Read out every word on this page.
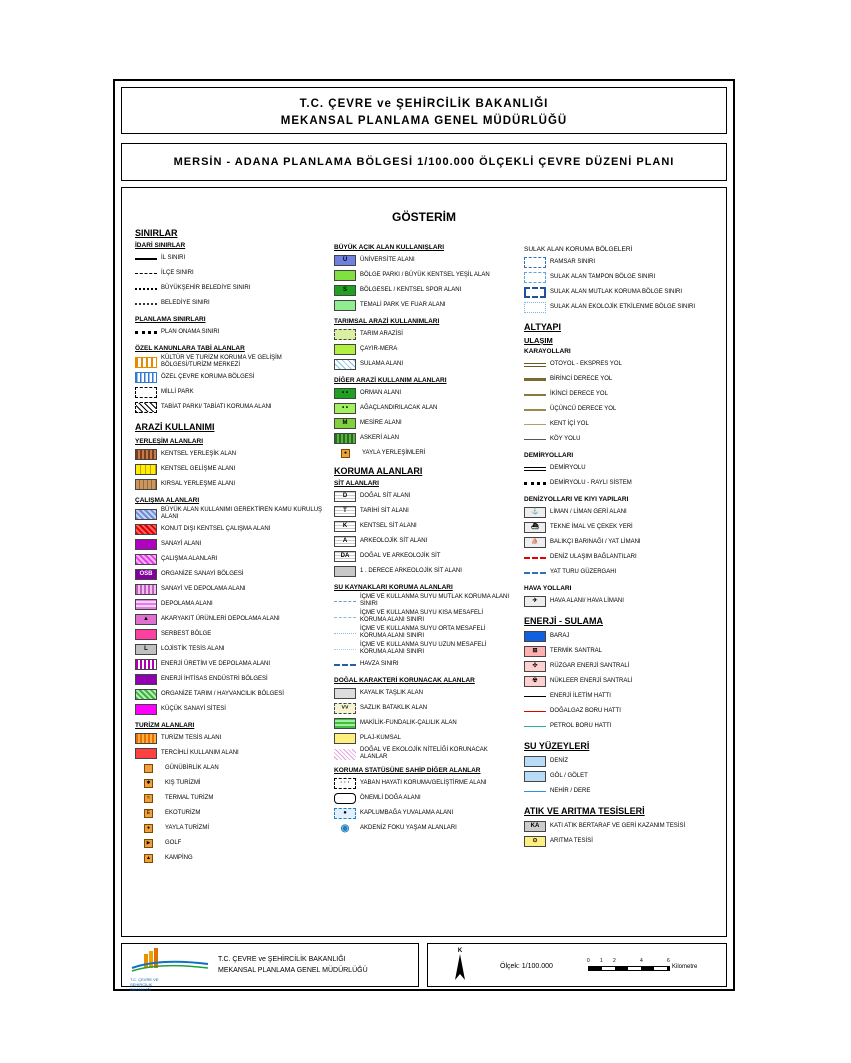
T.C. ÇEVRE ve ŞEHİRCİLİK BAKANLIĞI
MEKANSAL PLANLAMA GENEL MÜDÜRLÜĞÜ
MERSİN - ADANA PLANLAMA BÖLGESİ 1/100.000 ÖLÇEKLİ ÇEVRE DÜZENİ PLANI
GÖSTERİM
SINIRLAR
İDARİ SINIRLAR
İL SINIRI
İLÇE SINIRI
BÜYÜKŞEHİR BELEDİYE SINIRI
BELEDİYE SINIRI
PLANLAMA SINIRLARI
PLAN ONAMA SINIRI
ÖZEL KANUNLARA TABİ ALANLAR
KÜLTÜR VE TURİZM KORUMA VE GELİŞİM BÖLGESİ/TURİZM MERKEZİ
ÖZEL ÇEVRE KORUMA BÖLGESİ
MİLLİ PARK
TABİAT PARKI/ TABİATI KORUMA ALANI
ARAZİ KULLANIMI
YERLEŞİM ALANLARI
KENTSEL YERLEŞİK ALAN
KENTSEL GELİŞME ALANI
KIRSAL YERLEŞME ALANI
ÇALIŞMA ALANLARI
BÜYÜK ALAN KULLANIMI GEREKTİREN KAMU KURULUŞ ALANI
KONUT DIŞI KENTSEL ÇALIŞMA ALANI
SANAYİ ALANI
ÇALIŞMA ALANLARI
OSB	ORGANİZE SANAYİ BÖLGESİ
SANAYİ VE DEPOLAMA ALANI
DEPOLAMA ALANI
▲	AKARYAKIT ÜRÜNLERİ DEPOLAMA ALANI
SERBEST BÖLGE
L	LOJİSTİK TESİS ALANI
ENERJİ ÜRETİM VE DEPOLAMA ALANI
ENERJİ İHTİSAS ENDÜSTRİ BÖLGESİ
ORGANİZE TARIM / HAYVANCILIK BÖLGESİ
KÜÇÜK SANAYİ SİTESİ
TURİZM ALANLARI
TURİZM TESİS ALANI
TERCİHLİ KULLANIM ALANI
GÜNÜBİRLİK ALAN
✱	KIŞ TURİZMİ
≈	TERMAL TURİZM
E	EKOTURİZM
●	YAYLA TURİZMİ
▶	GOLF
▲	KAMPİNG
BÜYÜK AÇIK ALAN KULLANIŞLARI
Ü	ÜNİVERSİTE ALANI
BÖLGE PARKI / BÜYÜK KENTSEL YEŞİL ALAN
S	BÖLGESEL / KENTSEL SPOR ALANI
TEMALİ PARK VE FUAR ALANI
TARIMSAL ARAZİ KULLANIMLARI
TARIM ARAZİSİ
ÇAYIR-MERA
SULAMA ALANI
DİĞER ARAZİ KULLANIM ALANLARI
• •	ORMAN ALANI
• •	AĞAÇLANDIRILACAK ALAN
M	MESİRE ALANI
ASKERİ ALAN
●	YAYLA YERLEŞİMLERİ
KORUMA ALANLARI
SİT ALANLARI
D	DOĞAL SİT ALANI
T	TARİHİ SİT ALANI
K	KENTSEL SİT ALANI
A	ARKEOLOJİK SİT ALANI
DA	DOĞAL VE ARKEOLOJİK SİT
1 . DERECE ARKEOLOJİK SİT ALANI
SU KAYNAKLARI KORUMA ALANLARI
İÇME VE KULLANMA SUYU MUTLAK KORUMA ALANI SINIRI
İÇME VE KULLANMA SUYU KISA MESAFELİ KORUMA ALANI SINIRI
İÇME VE KULLANMA SUYU ORTA MESAFELİ KORUMA ALANI SINIRI
İÇME VE KULLANMA SUYU UZUN MESAFELİ KORUMA ALANI SINIRI
HAVZA SINIRI
DOĞAL KARAKTERİ KORUNACAK ALANLAR
KAYALIK TAŞLIK ALAN
˅˅	SAZLIK BATAKLIK ALAN
MAKİLİK-FUNDALIK-ÇALILIK ALAN
PLAJ-KUMSAL
DOĞAL VE EKOLOJİK NİTELİĞİ KORUNACAK ALANLAR
KORUMA STATÜSÜNE SAHİP DİĞER ALANLAR
· · ·	YABAN HAYATI KORUMA/GELİŞTİRME ALANI
ÖNEMLİ DOĞA ALANI
●	KAPLUMBAĞA YUVALAMA ALANI
◉	AKDENİZ FOKU YAŞAM ALANLARI
SULAK ALAN KORUMA BÖLGELERİ
RAMSAR SINIRI
SULAK ALAN TAMPON BÖLGE SINIRI
SULAK ALAN MUTLAK KORUMA BÖLGE SINIRI
SULAK ALAN EKOLOJİK ETKİLENME BÖLGE SINIRI
ALTYAPI
ULAŞIM
KARAYOLLARI
OTOYOL - EKSPRES YOL
BİRİNCİ DERECE YOL
İKİNCİ DERECE YOL
ÜÇÜNCÜ DERECE YOL
KENT İÇİ YOL
KÖY YOLU
DEMİRYOLLARI
DEMİRYOLU
DEMİRYOLU - RAYLI SİSTEM
DENİZYOLLARI VE KIYI YAPILARI
⚓	LİMAN / LİMAN GERİ ALANI
⛴	TEKNE İMAL VE ÇEKEK YERİ
⛵	BALIKÇI BARINAĞI / YAT LİMANI
DENİZ ULAŞIM BAĞLANTILARI
YAT TURU GÜZERGAHI
HAVA YOLLARI
✈	HAVA ALANI/ HAVA LİMANI
ENERJİ - SULAMA
BARAJ
⊞	TERMİK SANTRAL
✣	RÜZGAR ENERJİ SANTRALİ
☢	NÜKLEER ENERJİ SANTRALİ
ENERJİ İLETİM HATTI
DOĞALGAZ BORU HATTI
PETROL BORU HATTI
SU YÜZEYLERİ
DENİZ
GÖL / GÖLET
NEHİR / DERE
ATIK VE ARITMA TESİSLERİ
KA	KATI ATIK BERTARAF VE GERİ KAZANIM TESİSİ
⊙	ARITMA TESİSİ
T.C. ÇEVRE VE ŞEHİRCİLİK BAKANLIĞI
T.C. ÇEVRE ve ŞEHİRCİLİK BAKANLIĞI
MEKANSAL PLANLAMA GENEL MÜDÜRLÜĞÜ
K
Ölçek: 1/100.000
0 1 2	4	6
Kilometre
